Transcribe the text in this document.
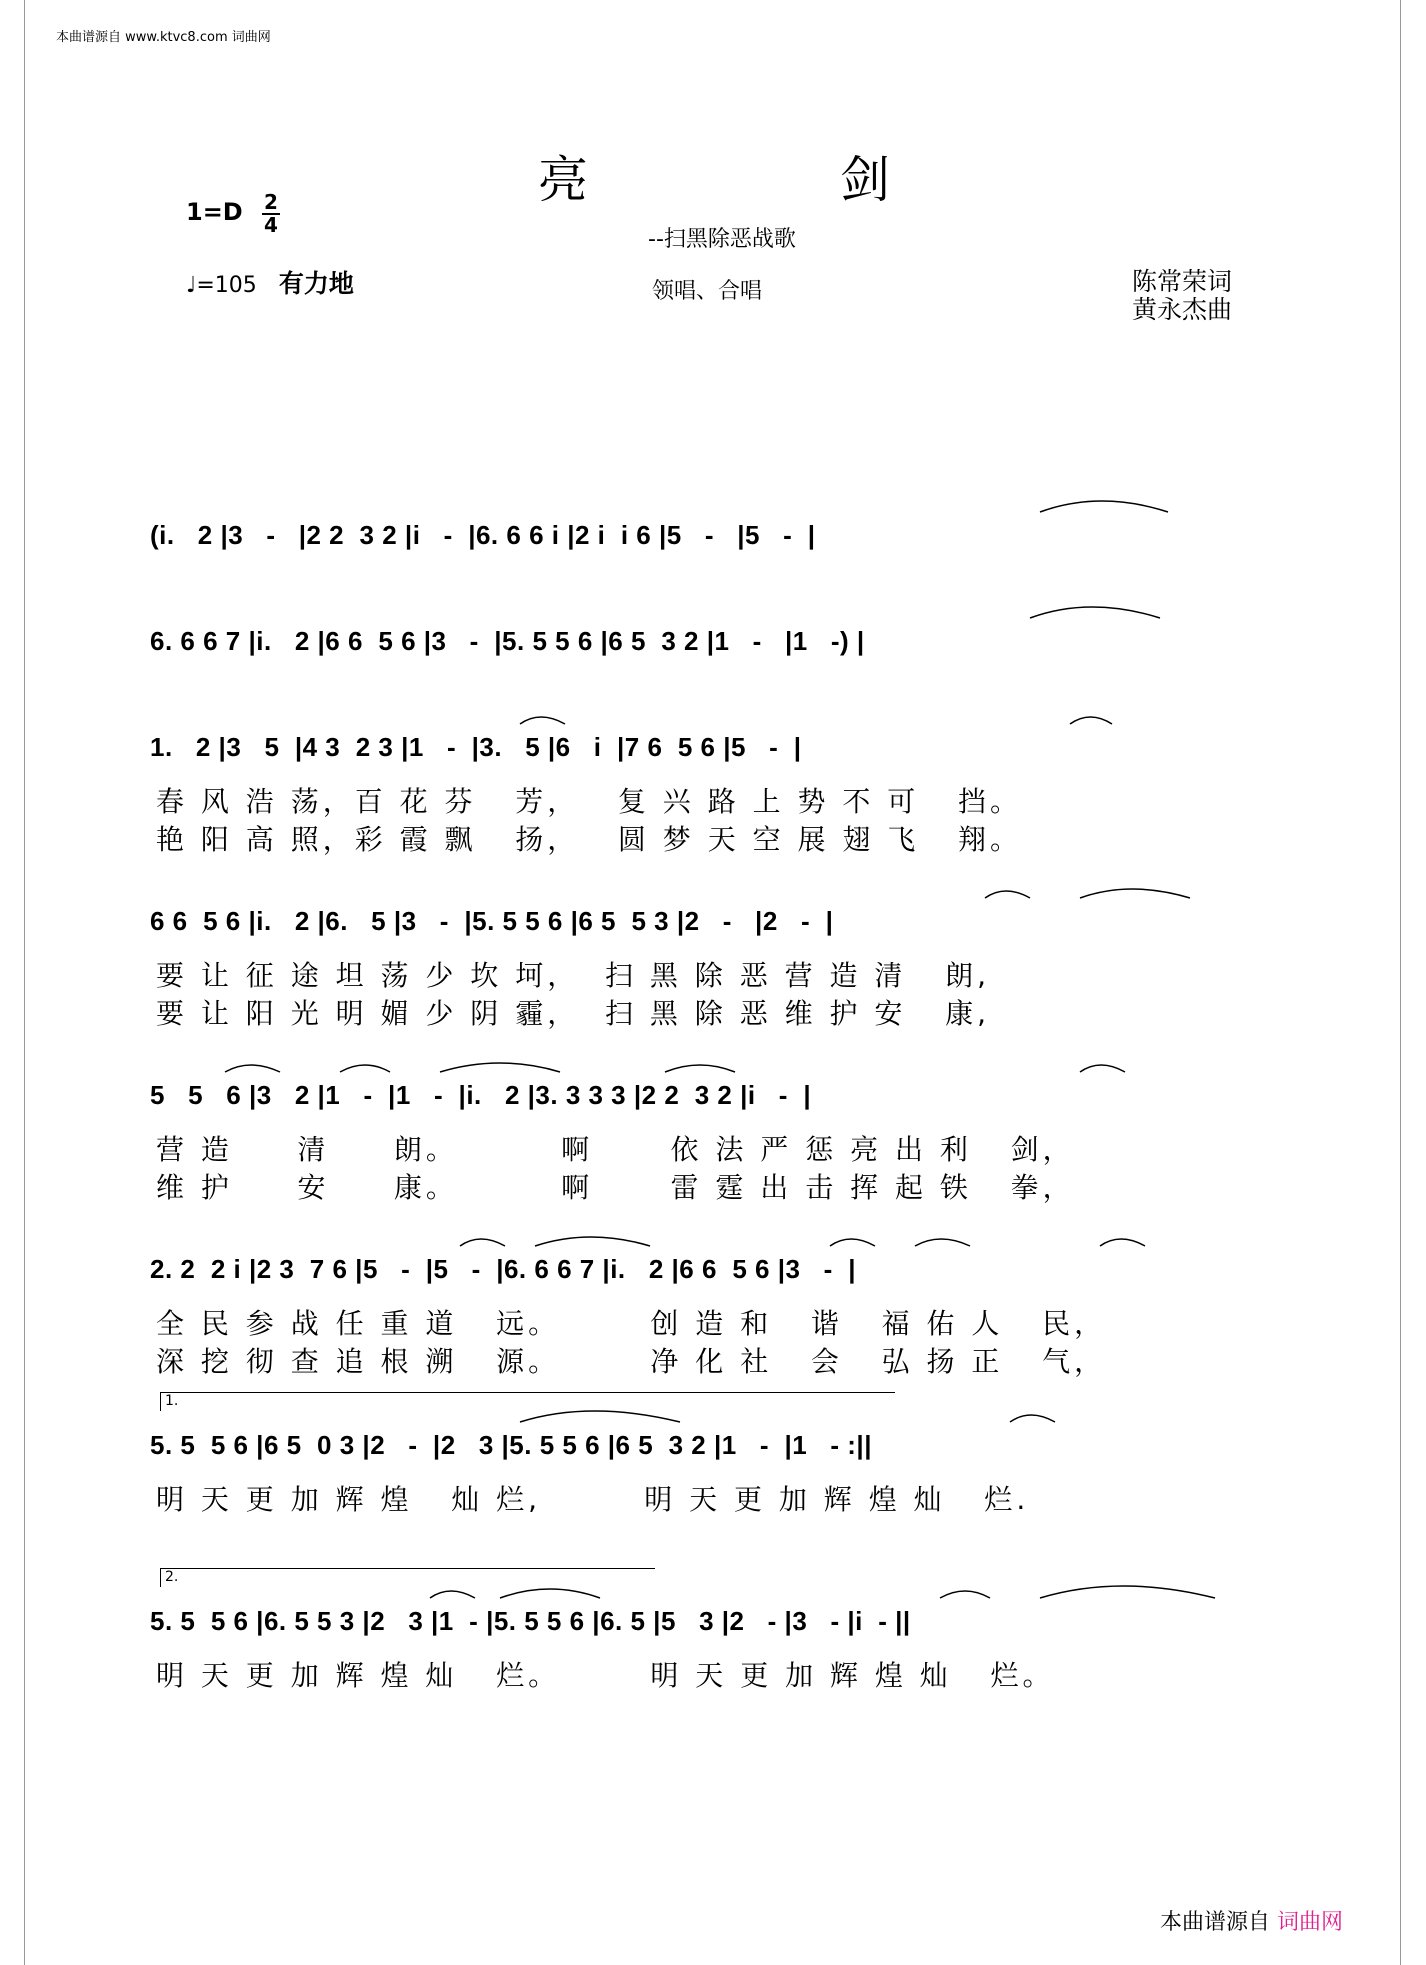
本曲谱源自 www.ktvc8.com 词曲网
亮	剑
--扫黑除恶战歌
1=D 2
4
♩=105 有力地	领唱、合唱	陈常荣词
黄永杰曲
(i.   2 |3   -   |2 2  3 2 |i   -  |6. 6 6 i |2 i  i 6 |5   -   |5   -  |
6. 6 6 7 |i.   2 |6 6  5 6 |3   -  |5. 5 5 6 |6 5  3 2 |1   -   |1   -) |
1.   2 |3   5  |4 3  2 3 |1   -  |3.   5 |6   i  |7 6  5 6 |5   -  |
春 风 浩 荡，百 花 芬   芳，   复 兴 路 上 势 不 可   挡。
艳 阳 高 照，彩 霞 飘   扬，   圆 梦 天 空 展 翅 飞   翔。
6 6  5 6 |i.   2 |6.   5 |3   -  |5. 5 5 6 |6 5  5 3 |2   -   |2   -  |
要 让 征 途 坦 荡 少 坎 坷，  扫 黑 除 恶 营 造 清   朗,
要 让 阳 光 明 媚 少 阴 霾，  扫 黑 除 恶 维 护 安   康,
5   5   6 |3   2 |1   -  |1   -  |i.   2 |3. 3 3 3 |2 2  3 2 |i   -  |
营 造     清     朗。        啊      依 法 严 惩 亮 出 利   剑，
维 护     安     康。        啊      雷 霆 出 击 挥 起 铁   拳，
2. 2  2 i |2 3  7 6 |5   -  |5   -  |6. 6 6 7 |i.   2 |6 6  5 6 |3   -  |
全 民 参 战 任 重 道   远。       创 造 和   谐   福 佑 人   民，
深 挖 彻 查 追 根 溯   源。       净 化 社   会   弘 扬 正   气，
1.
5. 5  5 6 |6 5  0 3 |2   -  |2   3 |5. 5 5 6 |6 5  3 2 |1   -  |1   - :||
明 天 更 加 辉 煌   灿 烂,        明 天 更 加 辉 煌 灿   烂.
2.
5. 5  5 6 |6. 5 5 3 |2   3 |1  - |5. 5 5 6 |6. 5 |5   3 |2   - |3   - |i  - ||
明 天 更 加 辉 煌 灿   烂。       明 天 更 加 辉 煌 灿   烂。
本曲谱源自 词曲网
